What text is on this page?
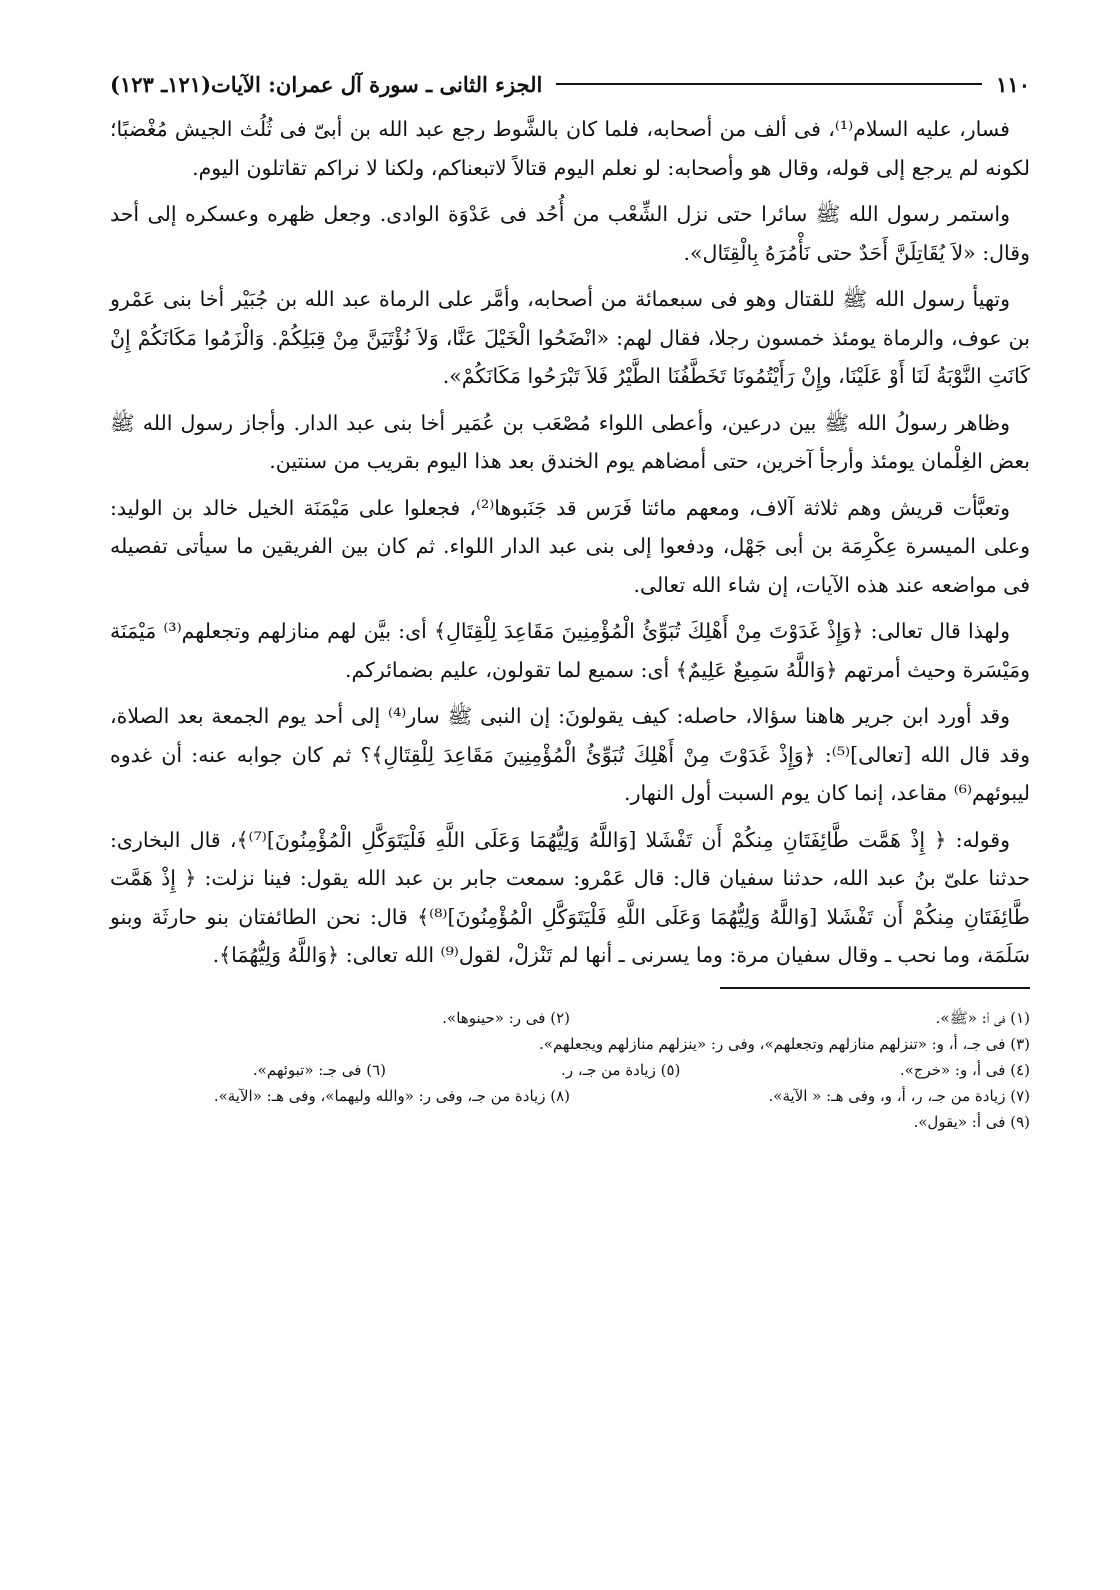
١١٠
الجزء الثانى ـ سورة آل عمران: الآيات(١٢١ـ ١٢٣)

فسار، عليه السلام⁽¹⁾، فى ألف من أصحابه، فلما كان بالشَّوط رجع عبد الله بن أبىّ فى ثُلُث الجيش مُغْضبًا؛ لكونه لم يرجع إلى قوله، وقال هو وأصحابه: لو نعلم اليوم قتالاً لاتبعناكم، ولكنا لا نراكم تقاتلون اليوم.

واستمر رسول الله ﷺ سائرا حتى نزل الشِّعْب من أُحُد فى عَدْوَة الوادى. وجعل ظهره وعسكره إلى أحد وقال: «لاَ يُقَاتِلَنَّ أَحَدٌ حتى نَأْمُرَهُ بِالْقِتَال».

وتهيأ رسول الله ﷺ للقتال وهو فى سبعمائة من أصحابه، وأمَّر على الرماة عبد الله بن جُبَيْر أخا بنى عَمْرو بن عوف، والرماة يومئذ خمسون رجلا، فقال لهم: «انْضَحُوا الْخَيْلَ عَنَّا، وَلاَ نُؤْتَيَنَّ مِنْ قِبَلِكُمْ. وَالْزَمُوا مَكَانَكُمْ إِنْ كَانَتِ النَّوْبَةُ لَنَا أَوْ عَلَيْنَا، وإِنْ رَأَيْتُمُونَا تَخَطَّفُنَا الطَّيْرُ فَلاَ تَبْرَحُوا مَكَانَكُمْ».

وظاهر رسولُ الله ﷺ بين درعين، وأعطى اللواء مُصْعَب بن عُمَير أخا بنى عبد الدار. وأجاز رسول الله ﷺ بعض الغِلْمان يومئذ وأرجأ آخرين، حتى أمضاهم يوم الخندق بعد هذا اليوم بقريب من سنتين.

وتعبَّأت قريش وهم ثلاثة آلاف، ومعهم مائتا فَرَس قد جَنَبوها⁽²⁾، فجعلوا على مَيْمَنَة الخيل خالد بن الوليد: وعلى الميسرة عِكْرِمَة بن أبى جَهْل، ودفعوا إلى بنى عبد الدار اللواء. ثم كان بين الفريقين ما سيأتى تفصيله فى مواضعه عند هذه الآيات، إن شاء الله تعالى.

ولهذا قال تعالى: ﴿وَإِذْ غَدَوْتَ مِنْ أَهْلِكَ تُبَوِّئُ الْمُؤْمِنِينَ مَقَاعِدَ لِلْقِتَالِ﴾ أى: بيَّن لهم منازلهم وتجعلهم⁽³⁾ مَيْمَنَة ومَيْسَرة وحيث أمرتهم ﴿وَاللَّهُ سَمِيعٌ عَلِيمٌ﴾ أى: سميع لما تقولون، عليم بضمائركم.

وقد أورد ابن جرير هاهنا سؤالا، حاصله: كيف يقولونَ: إن النبى ﷺ سار⁽⁴⁾ إلى أحد يوم الجمعة بعد الصلاة، وقد قال الله [تعالى]⁽⁵⁾: ﴿وَإِذْ غَدَوْتَ مِنْ أَهْلِكَ تُبَوِّئُ الْمُؤْمِنِينَ مَقَاعِدَ لِلْقِتَالِ﴾؟ ثم كان جوابه عنه: أن غدوه ليبوئهم⁽⁶⁾ مقاعد، إنما كان يوم السبت أول النهار.

وقوله: ﴿ إِذْ هَمَّت طَّائِفَتَانِ مِنكُمْ أَن تَفْشَلا [وَاللَّهُ وَلِيُّهُمَا وَعَلَى اللَّهِ فَلْيَتَوَكَّلِ الْمُؤْمِنُونَ]⁽⁷⁾﴾، قال البخارى: حدثنا علىّ بنُ عبد الله، حدثنا سفيان قال: قال عَمْرو: سمعت جابر بن عبد الله يقول: فينا نزلت: ﴿ إِذْ هَمَّت طَّائِفَتَانِ مِنكُمْ أَن تَفْشَلا [وَاللَّهُ وَلِيُّهُمَا وَعَلَى اللَّهِ فَلْيَتَوَكَّلِ الْمُؤْمِنُونَ]⁽⁸⁾﴾ قال: نحن الطائفتان بنو حارثَة وبنو سَلَمَة، وما نحب ـ وقال سفيان مرة: وما يسرنى ـ أنها لم تَنْزلْ، لقول⁽⁹⁾ الله تعالى: ﴿وَاللَّهُ وَلِيُّهُمَا﴾.

(١) فى أ: «ﷺ».
(٢) فى ر: «حينوها».
(٣) فى جـ، أ، و: «تنزلهم منازلهم وتجعلهم»، وفى ر: «ينزلهم منازلهم ويجعلهم».
(٤) فى أ، و: «خرج».
(٥) زيادة من جـ، ر.
(٦) فى جـ: «تبوئهم».
(٧) زيادة من جـ، ر، أ، و، وفى هـ: « الآية».
(٨) زيادة من جـ، وفى ر: «والله وليهما»، وفى هـ: «الآية».
(٩) فى أ: «يقول».
